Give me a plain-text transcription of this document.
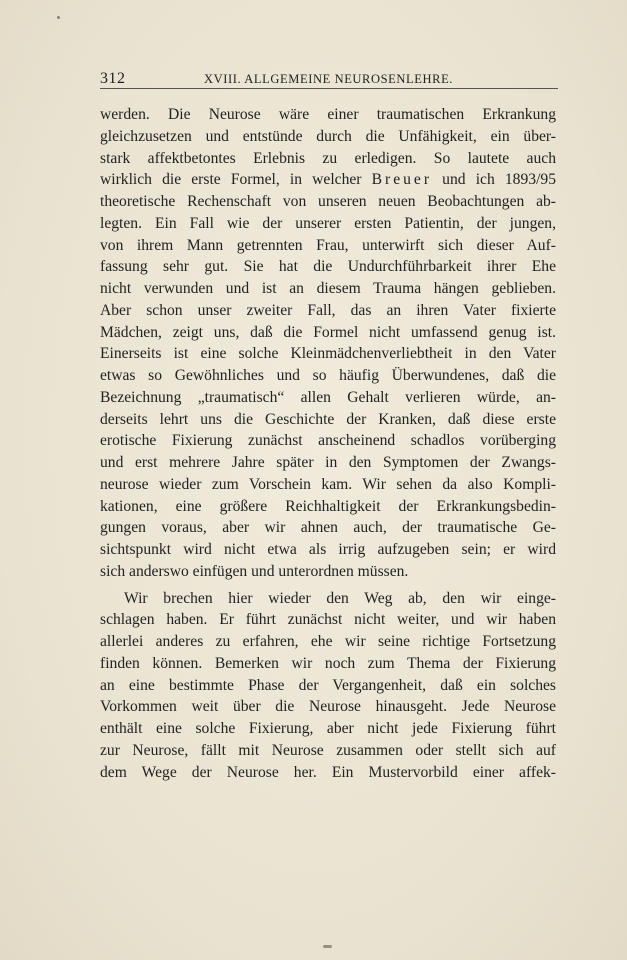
312	XVIII. ALLGEMEINE NEUROSENLEHRE.
werden. Die Neurose wäre einer traumatischen Erkrankung
gleichzusetzen und entstünde durch die Unfähigkeit, ein über-
stark affektbetontes Erlebnis zu erledigen. So lautete auch
wirklich die erste Formel, in welcher Breuer und ich 1893/95
theoretische Rechenschaft von unseren neuen Beobachtungen ab-
legten. Ein Fall wie der unserer ersten Patientin, der jungen,
von ihrem Mann getrennten Frau, unterwirft sich dieser Auf-
fassung sehr gut. Sie hat die Undurchführbarkeit ihrer Ehe
nicht verwunden und ist an diesem Trauma hängen geblieben.
Aber schon unser zweiter Fall, das an ihren Vater fixierte
Mädchen, zeigt uns, daß die Formel nicht umfassend genug ist.
Einerseits ist eine solche Kleinmädchenverliebtheit in den Vater
etwas so Gewöhnliches und so häufig Überwundenes, daß die
Bezeichnung „traumatisch“ allen Gehalt verlieren würde, an-
derseits lehrt uns die Geschichte der Kranken, daß diese erste
erotische Fixierung zunächst anscheinend schadlos vorüberging
und erst mehrere Jahre später in den Symptomen der Zwangs-
neurose wieder zum Vorschein kam. Wir sehen da also Kompli-
kationen, eine größere Reichhaltigkeit der Erkrankungsbedin-
gungen voraus, aber wir ahnen auch, der traumatische Ge-
sichtspunkt wird nicht etwa als irrig aufzugeben sein; er wird
sich anderswo einfügen und unterordnen müssen.
Wir brechen hier wieder den Weg ab, den wir einge-
schlagen haben. Er führt zunächst nicht weiter, und wir haben
allerlei anderes zu erfahren, ehe wir seine richtige Fortsetzung
finden können. Bemerken wir noch zum Thema der Fixierung
an eine bestimmte Phase der Vergangenheit, daß ein solches
Vorkommen weit über die Neurose hinausgeht. Jede Neurose
enthält eine solche Fixierung, aber nicht jede Fixierung führt
zur Neurose, fällt mit Neurose zusammen oder stellt sich auf
dem Wege der Neurose her. Ein Mustervorbild einer affek-
